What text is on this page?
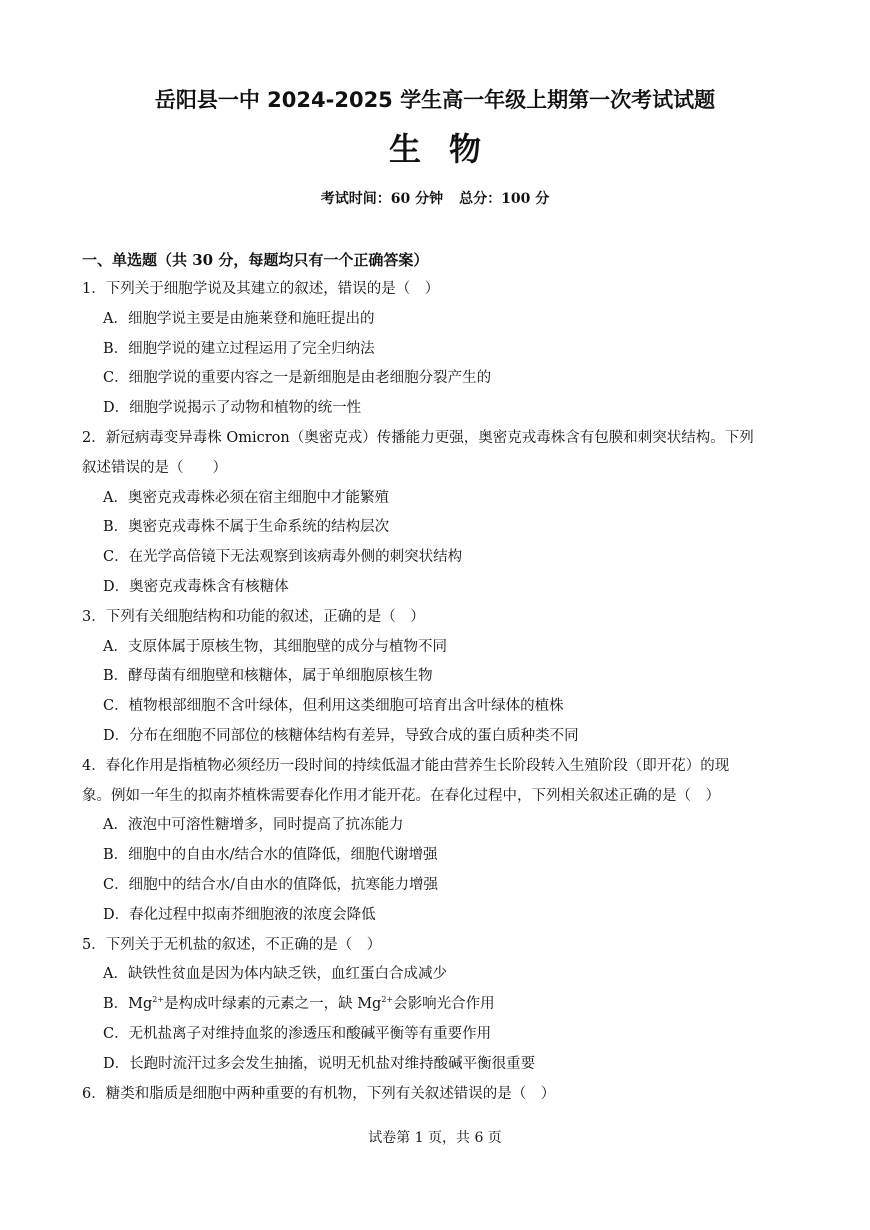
岳阳县一中 2024-2025 学生高一年级上期第一次考试试题
生物
考试时间：60 分钟 总分：100 分
一、单选题（共 30 分，每题均只有一个正确答案）
1．下列关于细胞学说及其建立的叙述，错误的是（　）
A．细胞学说主要是由施莱登和施旺提出的
B．细胞学说的建立过程运用了完全归纳法
C．细胞学说的重要内容之一是新细胞是由老细胞分裂产生的
D．细胞学说揭示了动物和植物的统一性
2．新冠病毒变异毒株 Omicron（奥密克戎）传播能力更强，奥密克戎毒株含有包膜和刺突状结构。下列
叙述错误的是（　　）
A．奥密克戎毒株必须在宿主细胞中才能繁殖
B．奥密克戎毒株不属于生命系统的结构层次
C．在光学高倍镜下无法观察到该病毒外侧的刺突状结构
D．奥密克戎毒株含有核糖体
3．下列有关细胞结构和功能的叙述，正确的是（　）
A．支原体属于原核生物，其细胞壁的成分与植物不同
B．酵母菌有细胞壁和核糖体，属于单细胞原核生物
C．植物根部细胞不含叶绿体，但利用这类细胞可培育出含叶绿体的植株
D．分布在细胞不同部位的核糖体结构有差异，导致合成的蛋白质种类不同
4．春化作用是指植物必须经历一段时间的持续低温才能由营养生长阶段转入生殖阶段（即开花）的现
象。例如一年生的拟南芥植株需要春化作用才能开花。在春化过程中，下列相关叙述正确的是（　）
A．液泡中可溶性糖增多，同时提高了抗冻能力
B．细胞中的自由水/结合水的值降低，细胞代谢增强
C．细胞中的结合水/自由水的值降低，抗寒能力增强
D．春化过程中拟南芥细胞液的浓度会降低
5．下列关于无机盐的叙述，不正确的是（　）
A．缺铁性贫血是因为体内缺乏铁，血红蛋白合成减少
B．$Mg^{2+}$是构成叶绿素的元素之一，缺 $Mg^{2+}$会影响光合作用
C．无机盐离子对维持血浆的渗透压和酸碱平衡等有重要作用
D．长跑时流汗过多会发生抽搐，说明无机盐对维持酸碱平衡很重要
6．糖类和脂质是细胞中两种重要的有机物，下列有关叙述错误的是（　）
试卷第 1 页，共 6 页
